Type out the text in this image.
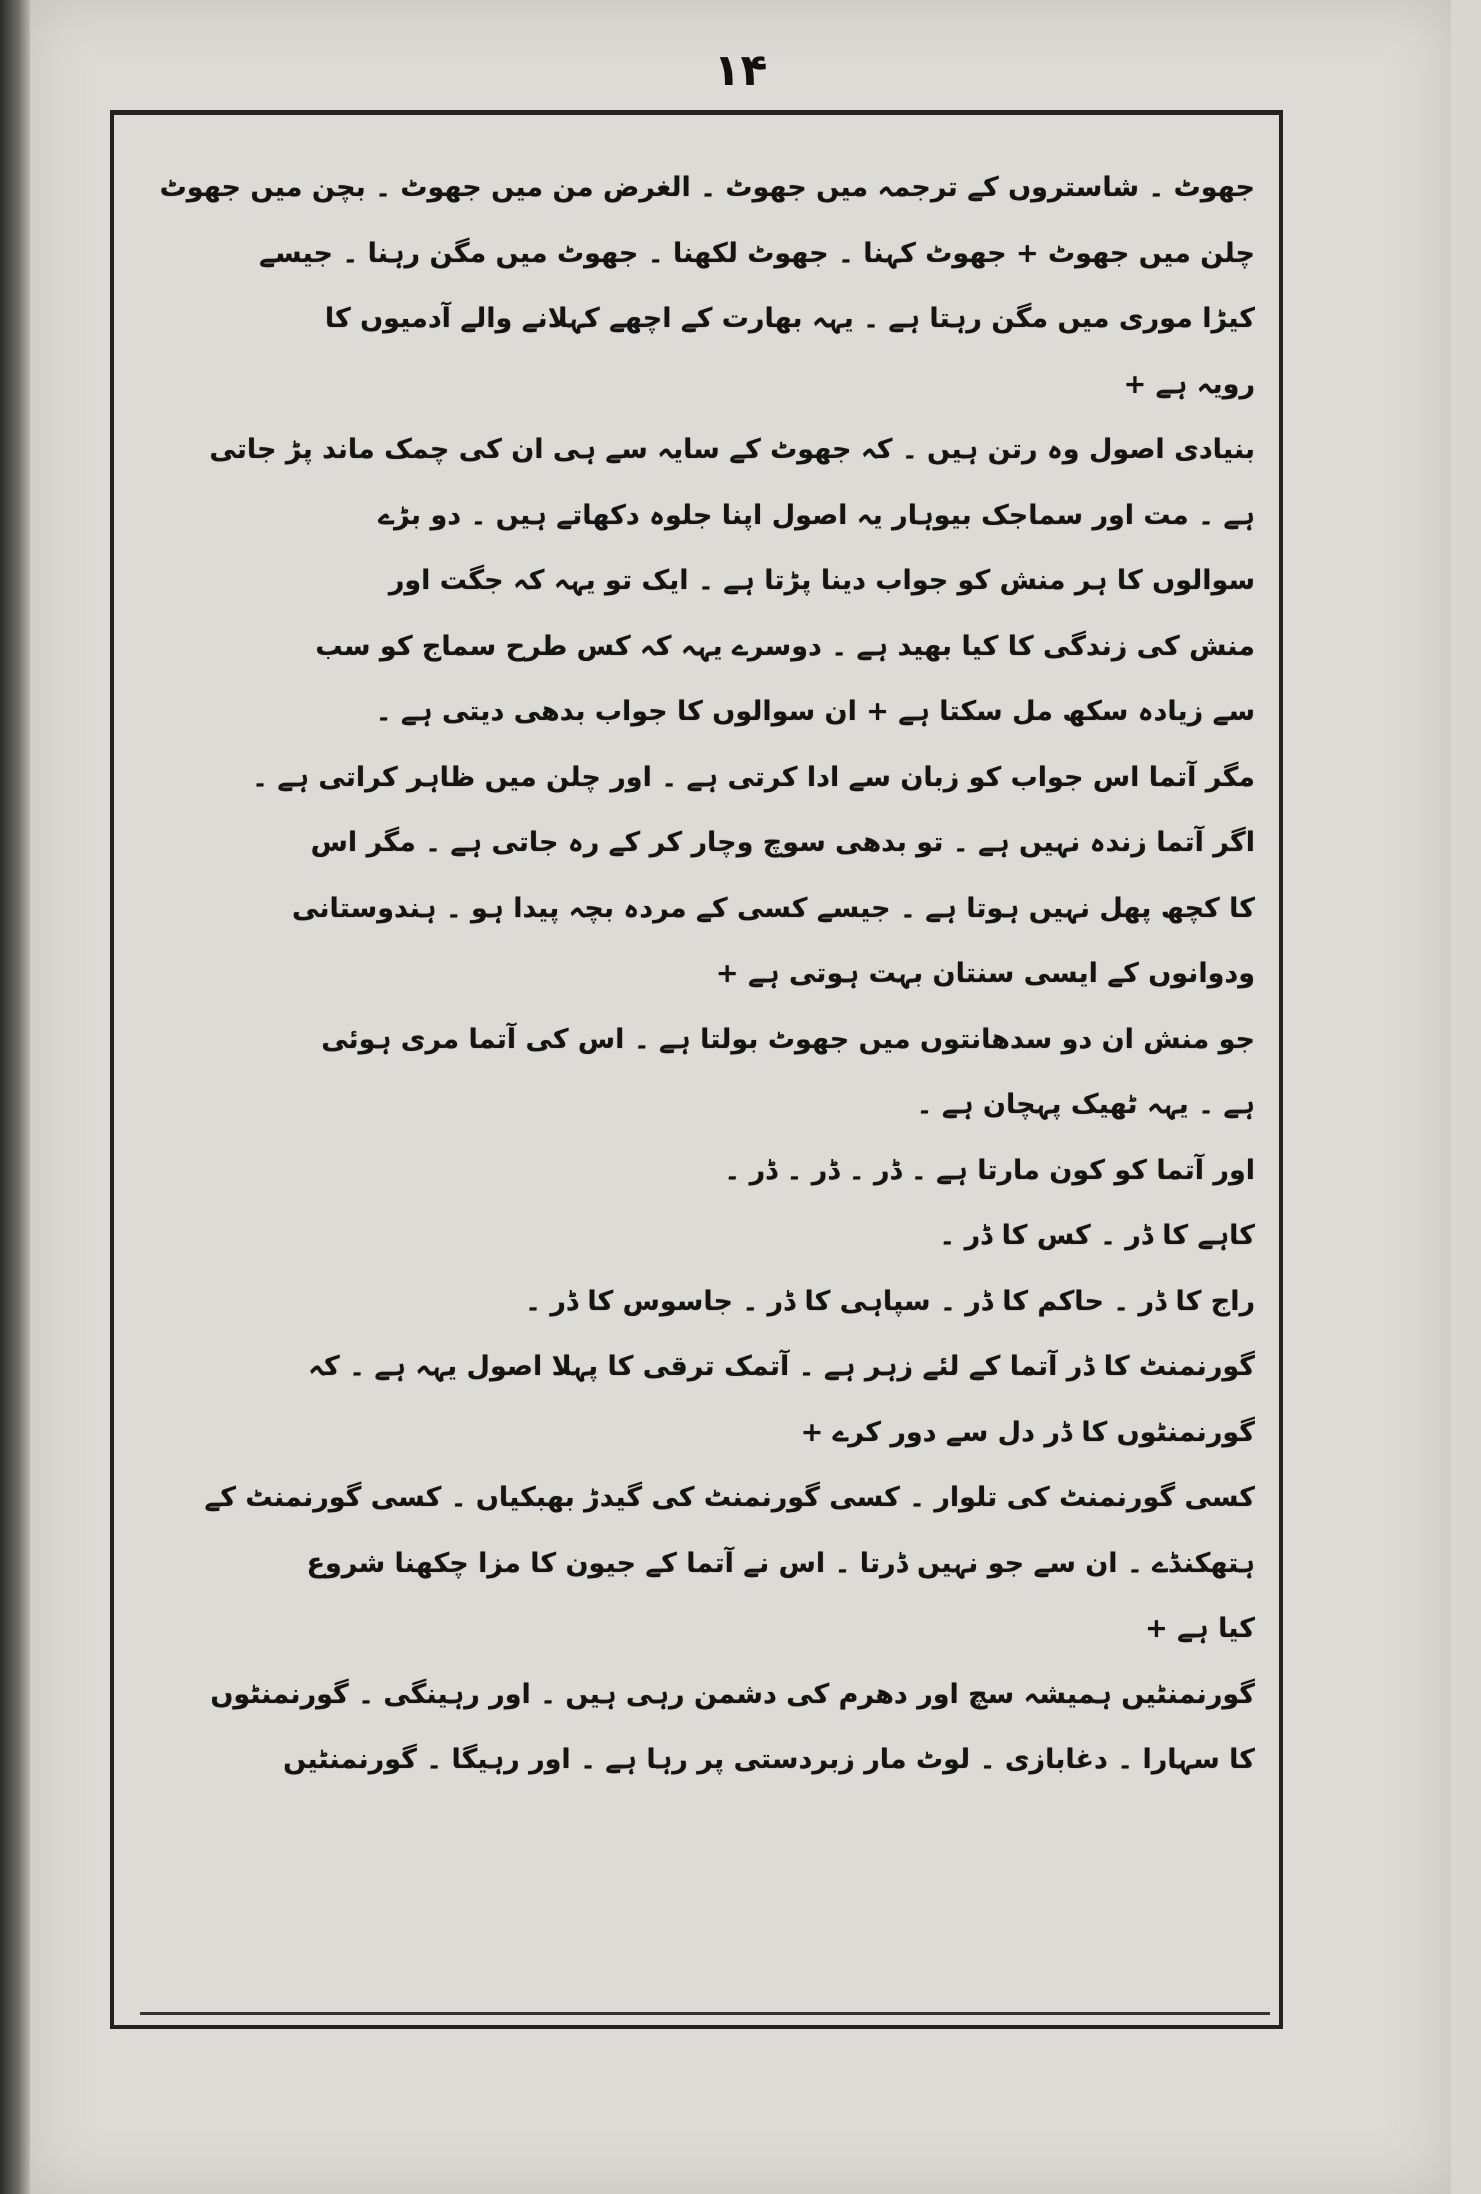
۱۴
جھوٹ ۔ شاستروں کے ترجمہ میں جھوٹ ۔ الغرض من میں جھوٹ ۔ بچن میں جھوٹ
چلن میں جھوٹ + جھوٹ کہنا ۔ جھوٹ لکھنا ۔ جھوٹ میں مگن رہنا ۔ جیسے
کیڑا موری میں مگن رہتا ہے ۔ یہہ بھارت کے اچھے کہلانے والے آدمیوں کا
رویہ ہے +
بنیادی اصول وہ رتن ہیں ۔ کہ جھوٹ کے سایہ سے ہی ان کی چمک ماند پڑ جاتی
ہے ۔ مت اور سماجک بیوہار یہ اصول اپنا جلوہ دکھاتے ہیں ۔ دو بڑے
سوالوں کا ہر منش کو جواب دینا پڑتا ہے ۔ ایک تو یہہ کہ جگت اور
منش کی زندگی کا کیا بھید ہے ۔ دوسرے یہہ کہ کس طرح سماج کو سب
سے زیادہ سکھ مل سکتا ہے + ان سوالوں کا جواب بدھی دیتی ہے ۔
مگر آتما اس جواب کو زبان سے ادا کرتی ہے ۔ اور چلن میں ظاہر کراتی ہے ۔
اگر آتما زندہ نہیں ہے ۔ تو بدھی سوچ وچار کر کے رہ جاتی ہے ۔ مگر اس
کا کچھ پھل نہیں ہوتا ہے ۔ جیسے کسی کے مردہ بچہ پیدا ہو ۔ ہندوستانی
ودوانوں کے ایسی سنتان بہت ہوتی ہے +
جو منش ان دو سدھانتوں میں جھوٹ بولتا ہے ۔ اس کی آتما مری ہوئی
ہے ۔ یہہ ٹھیک پہچان ہے ۔
اور آتما کو کون مارتا ہے ۔ ڈر ۔ ڈر ۔ ڈر ۔
کاہے کا ڈر ۔ کس کا ڈر ۔
راج کا ڈر ۔ حاکم کا ڈر ۔ سپاہی کا ڈر ۔ جاسوس کا ڈر ۔
گورنمنٹ کا ڈر آتما کے لئے زہر ہے ۔ آتمک ترقی کا پہلا اصول یہہ ہے ۔ کہ
گورنمنٹوں کا ڈر دل سے دور کرے +
کسی گورنمنٹ کی تلوار ۔ کسی گورنمنٹ کی گیدڑ بھبکیاں ۔ کسی گورنمنٹ کے
ہتھکنڈے ۔ ان سے جو نہیں ڈرتا ۔ اس نے آتما کے جیون کا مزا چکھنا شروع
کیا ہے +
گورنمنٹیں ہمیشہ سچ اور دھرم کی دشمن رہی ہیں ۔ اور رہینگی ۔ گورنمنٹوں
کا سہارا ۔ دغابازی ۔ لوٹ مار زبردستی پر رہا ہے ۔ اور رہیگا ۔ گورنمنٹیں
